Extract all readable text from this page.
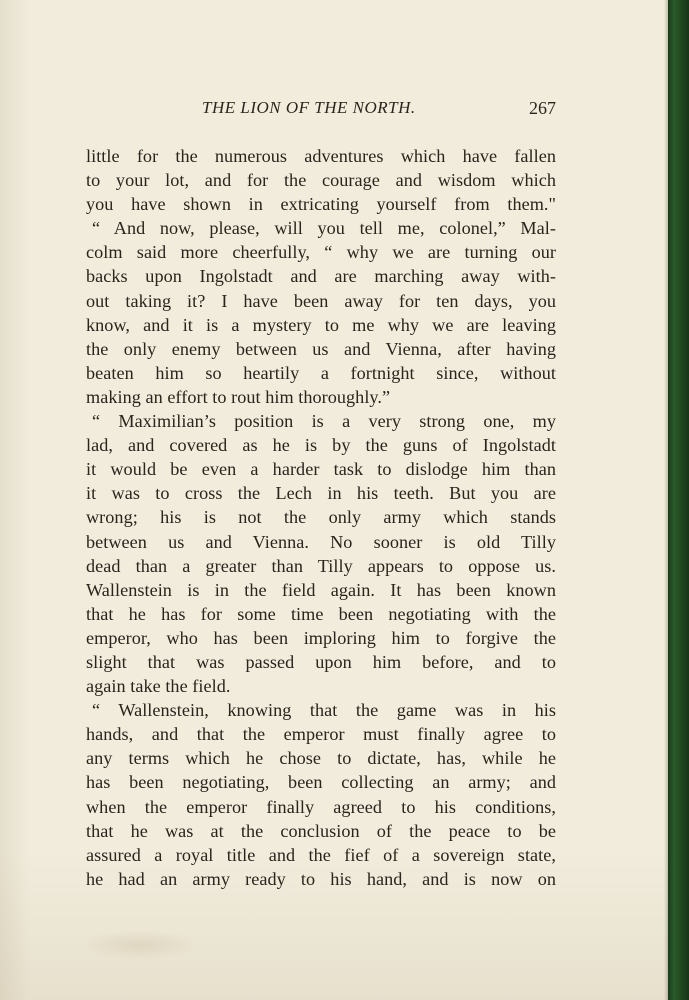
THE LION OF THE NORTH.	267
little for the numerous adventures which have fallen
to your lot, and for the courage and wisdom which
you have shown in extricating yourself from them."
“ And now, please, will you tell me, colonel,” Mal-
colm said more cheerfully, “ why we are turning our
backs upon Ingolstadt and are marching away with-
out taking it? I have been away for ten days, you
know, and it is a mystery to me why we are leaving
the only enemy between us and Vienna, after having
beaten him so heartily a fortnight since, without
making an effort to rout him thoroughly.”
“ Maximilian’s position is a very strong one, my
lad, and covered as he is by the guns of Ingolstadt
it would be even a harder task to dislodge him than
it was to cross the Lech in his teeth. But you are
wrong; his is not the only army which stands
between us and Vienna. No sooner is old Tilly
dead than a greater than Tilly appears to oppose us.
Wallenstein is in the field again. It has been known
that he has for some time been negotiating with the
emperor, who has been imploring him to forgive the
slight that was passed upon him before, and to
again take the field.
“ Wallenstein, knowing that the game was in his
hands, and that the emperor must finally agree to
any terms which he chose to dictate, has, while he
has been negotiating, been collecting an army; and
when the emperor finally agreed to his conditions,
that he was at the conclusion of the peace to be
assured a royal title and the fief of a sovereign state,
he had an army ready to his hand, and is now on
